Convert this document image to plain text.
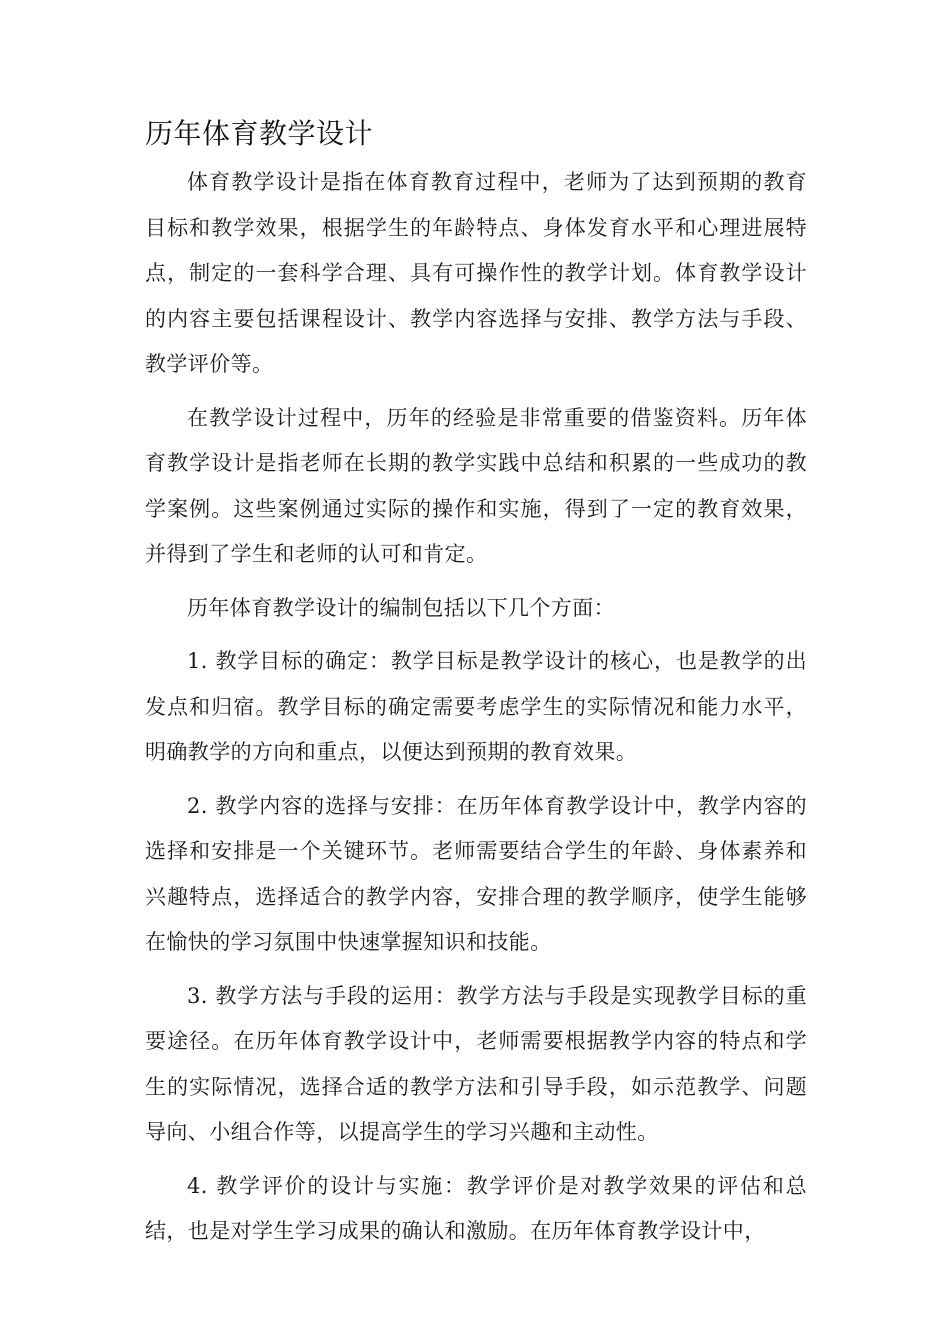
历年体育教学设计

体育教学设计是指在体育教育过程中，老师为了达到预期的教育目标和教学效果，根据学生的年龄特点、身体发育水平和心理进展特点，制定的一套科学合理、具有可操作性的教学计划。体育教学设计的内容主要包括课程设计、教学内容选择与安排、教学方法与手段、教学评价等。

在教学设计过程中，历年的经验是非常重要的借鉴资料。历年体育教学设计是指老师在长期的教学实践中总结和积累的一些成功的教学案例。这些案例通过实际的操作和实施，得到了一定的教育效果，并得到了学生和老师的认可和肯定。

历年体育教学设计的编制包括以下几个方面：

1. 教学目标的确定：教学目标是教学设计的核心，也是教学的出发点和归宿。教学目标的确定需要考虑学生的实际情况和能力水平，明确教学的方向和重点，以便达到预期的教育效果。

2. 教学内容的选择与安排：在历年体育教学设计中，教学内容的选择和安排是一个关键环节。老师需要结合学生的年龄、身体素养和兴趣特点，选择适合的教学内容，安排合理的教学顺序，使学生能够在愉快的学习氛围中快速掌握知识和技能。

3. 教学方法与手段的运用：教学方法与手段是实现教学目标的重要途径。在历年体育教学设计中，老师需要根据教学内容的特点和学生的实际情况，选择合适的教学方法和引导手段，如示范教学、问题导向、小组合作等，以提高学生的学习兴趣和主动性。

4. 教学评价的设计与实施：教学评价是对教学效果的评估和总结，也是对学生学习成果的确认和激励。在历年体育教学设计中，
